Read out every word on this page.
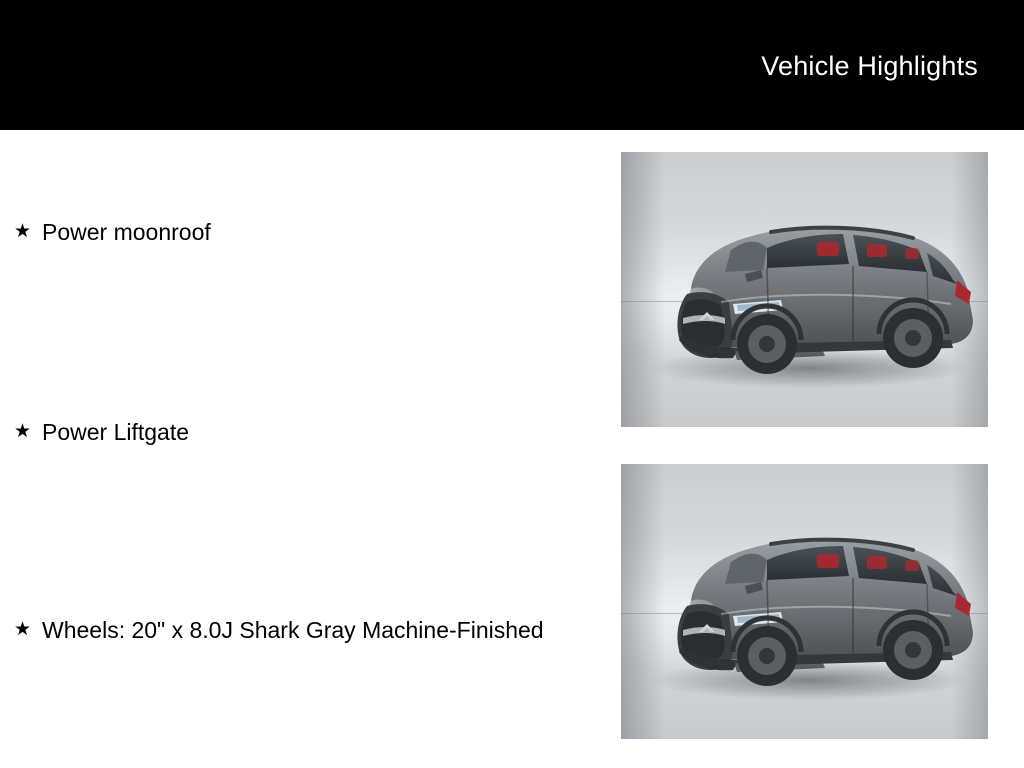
Vehicle Highlights
★ Power moonroof
★ Power Liftgate
★ Wheels: 20" x 8.0J Shark Gray Machine-Finished
